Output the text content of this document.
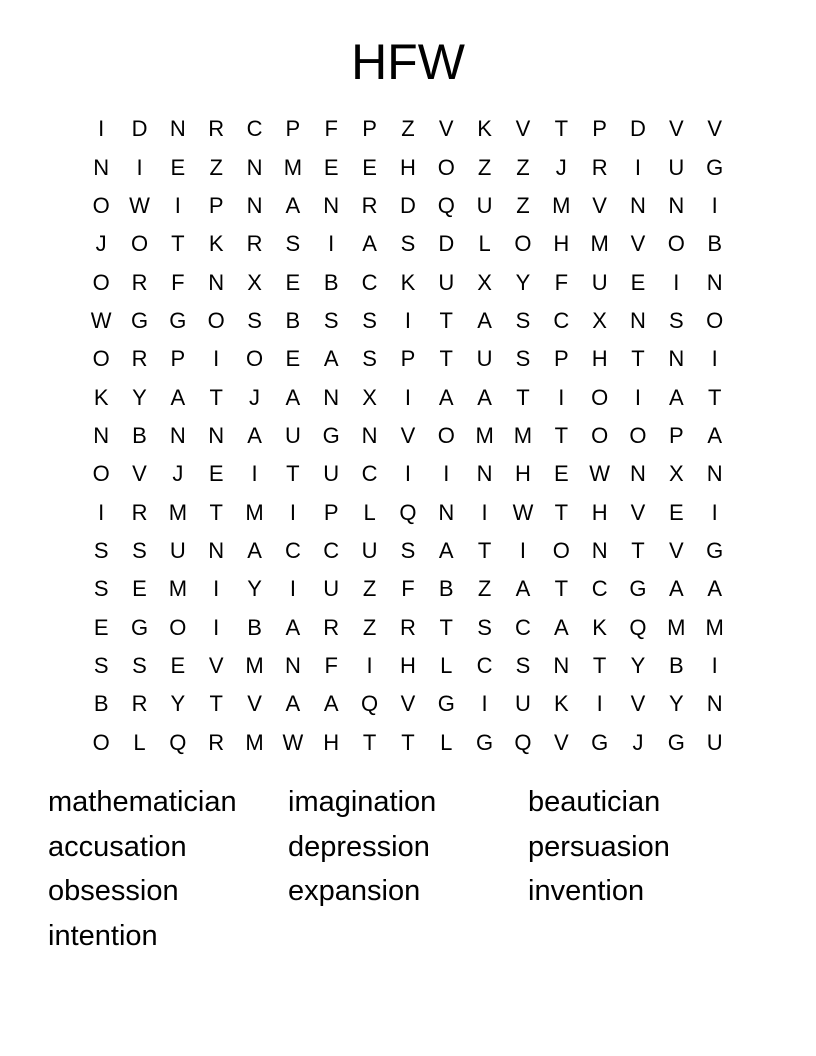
HFW
I	D	N	R	C	P	F	P	Z	V	K	V	T	P	D	V	V
N	I	E	Z	N M E	E	H O	Z	Z	J	R	I	U G
O W	I	P	N	A	N	R	D Q U	Z	M V	N	N	I
J	O	T	K	R	S	I	A	S	D	L	O H M V	O	B
O R	F	N	X	E	B	C	K	U	X	Y	F	U	E	I	N
W G G O	S	B	S	S	I	T	A	S	C	X	N	S	O
O R	P	I	O	E	A	S	P	T	U	S	P	H	T	N	I
K	Y	A	T	J	A	N	X	I	A	A	T	I	O	I	A	T
N	B	N	N	A	U G N	V	O M M	T	O O	P	A
O	V	J	E	I	T	U	C	I	I	N	H	E W N	X	N
I	R M	T	M	I	P	L	Q N	I	W T	H	V	E	I
S	S	U	N	A	C	C	U	S	A	T	I	O N	T	V	G
S	E M	I	Y	I	U	Z	F	B	Z	A	T	C G	A	A
E	G O	I	B	A	R	Z	R	T	S	C	A	K	Q M M
S	S	E	V M N	F	I	H	L	C	S	N	T	Y	B	I
B	R	Y	T	V	A	A	Q	V	G	I	U	K	I	V	Y	N
O	L	Q R M W H	T	T	L	G Q	V	G	J	G U
mathematician	imagination	beautician
accusation	depression	persuasion
obsession	expansion	invention
intention
